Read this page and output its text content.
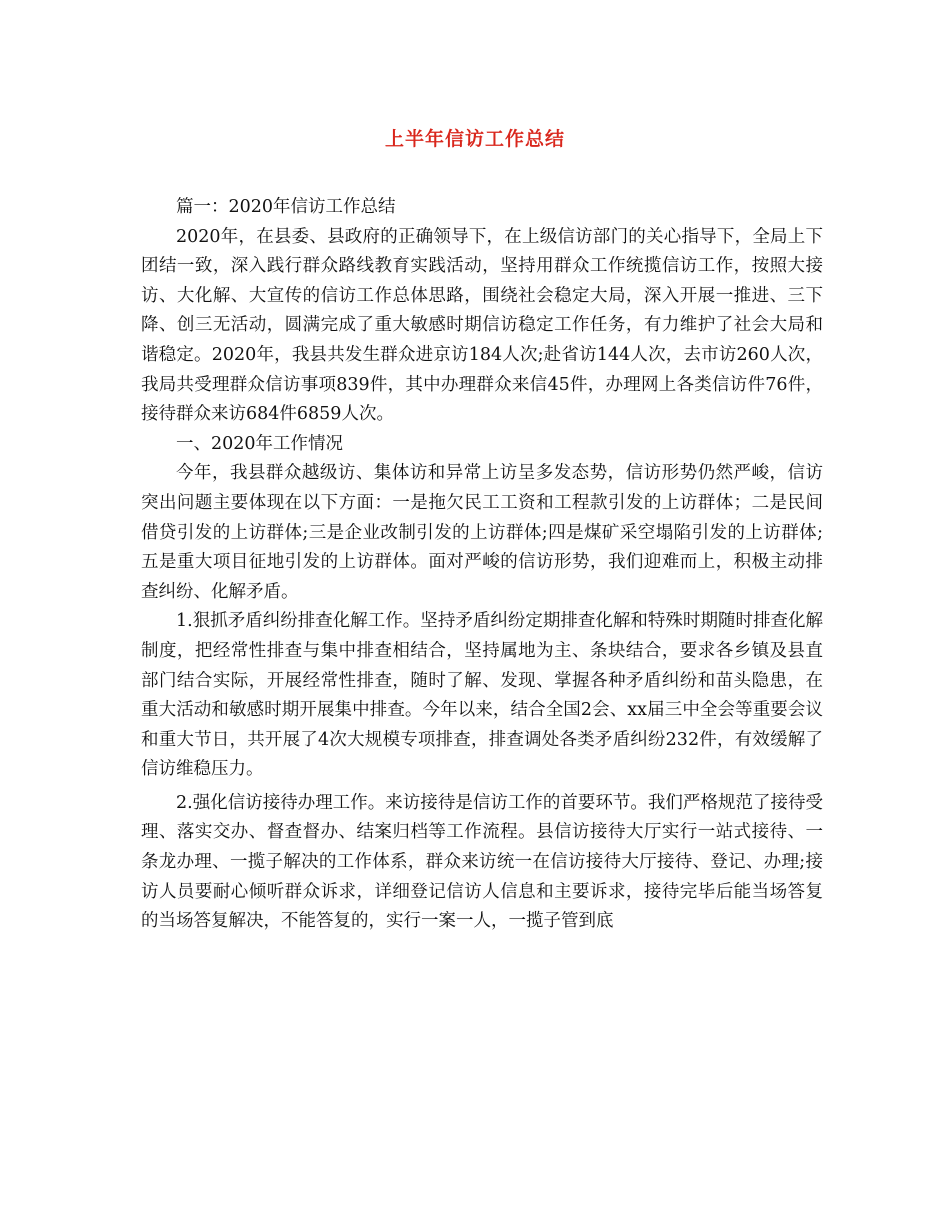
上半年信访工作总结

篇一：2020年信访工作总结

2020年，在县委、县政府的正确领导下，在上级信访部门的关心指导下，全局上下团结一致，深入践行群众路线教育实践活动，坚持用群众工作统揽信访工作，按照大接访、大化解、大宣传的信访工作总体思路，围绕社会稳定大局，深入开展一推进、三下降、创三无活动，圆满完成了重大敏感时期信访稳定工作任务，有力维护了社会大局和谐稳定。2020年，我县共发生群众进京访184人次;赴省访144人次，去市访260人次，我局共受理群众信访事项839件，其中办理群众来信45件，办理网上各类信访件76件，接待群众来访684件6859人次。

一、2020年工作情况

今年，我县群众越级访、集体访和异常上访呈多发态势，信访形势仍然严峻，信访突出问题主要体现在以下方面：一是拖欠民工工资和工程款引发的上访群体；二是民间借贷引发的上访群体;三是企业改制引发的上访群体;四是煤矿采空塌陷引发的上访群体;五是重大项目征地引发的上访群体。面对严峻的信访形势，我们迎难而上，积极主动排查纠纷、化解矛盾。

1.狠抓矛盾纠纷排查化解工作。坚持矛盾纠纷定期排查化解和特殊时期随时排查化解制度，把经常性排查与集中排查相结合，坚持属地为主、条块结合，要求各乡镇及县直部门结合实际，开展经常性排查，随时了解、发现、掌握各种矛盾纠纷和苗头隐患，在重大活动和敏感时期开展集中排查。今年以来，结合全国2会、xx届三中全会等重要会议和重大节日，共开展了4次大规模专项排查，排查调处各类矛盾纠纷232件，有效缓解了信访维稳压力。

2.强化信访接待办理工作。来访接待是信访工作的首要环节。我们严格规范了接待受理、落实交办、督查督办、结案归档等工作流程。县信访接待大厅实行一站式接待、一条龙办理、一揽子解决的工作体系，群众来访统一在信访接待大厅接待、登记、办理;接访人员要耐心倾听群众诉求，详细登记信访人信息和主要诉求，接待完毕后能当场答复的当场答复解决，不能答复的，实行一案一人，一揽子管到底
